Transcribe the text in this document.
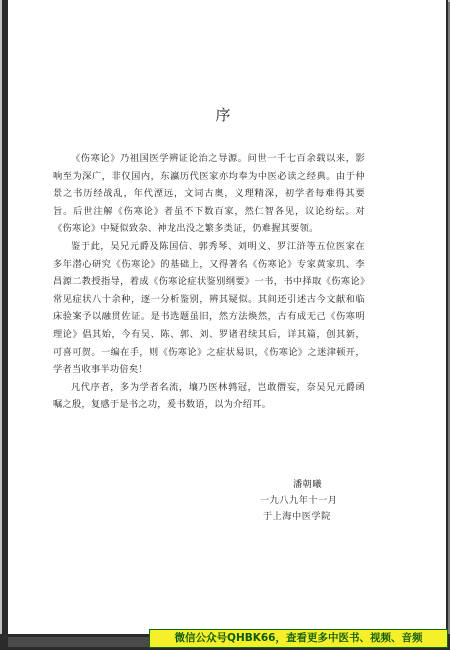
序

《伤寒论》乃祖国医学辨证论治之导源。问世一千七百余载以来，影响至为深广，非仅国内，东瀛历代医家亦均奉为中医必读之经典。由于仲景之书历经战乱，年代湮远，文词古奥，义理精深，初学者每难得其要旨。后世注解《伤寒论》者虽不下数百家，然仁智各见，议论纷纭。对《伤寒论》中疑似致杂、神龙出没之繁多类证，仍难握其要领。

鉴于此，吴兄元爵及陈国信、郭秀琴、刘明义、罗江浒等五位医家在多年潜心研究《伤寒论》的基础上，又得著名《伤寒论》专家黄家玑、李昌源二教授指导，着成《伤寒论症状鉴别纲要》一书，书中择取《伤寒论》常见症状八十余种，逐一分析鉴别，辨其疑似。其间还引述古今文献和临床验案予以融贯佐证。是书选题虽旧，然方法焕然，古有成无己《伤寒明理论》倡其始，今有吴、陈、郭、刘、罗诸君续其后，详其篇，创其新，可喜可贺。一编在手，则《伤寒论》之症状易识，《伤寒论》之迷津顿开，学者当收事半功倍矣！

凡代序者，多为学者名流，壤乃医林鹑冠，岂敢僭妄，奈吴兄元爵函嘱之殷，复感于是书之功，爰书数语，以为介绍耳。

潘朝曦
一九八九年十一月
于上海中医学院
微信公众号QHBK66，查看更多中医书、视频、音频
